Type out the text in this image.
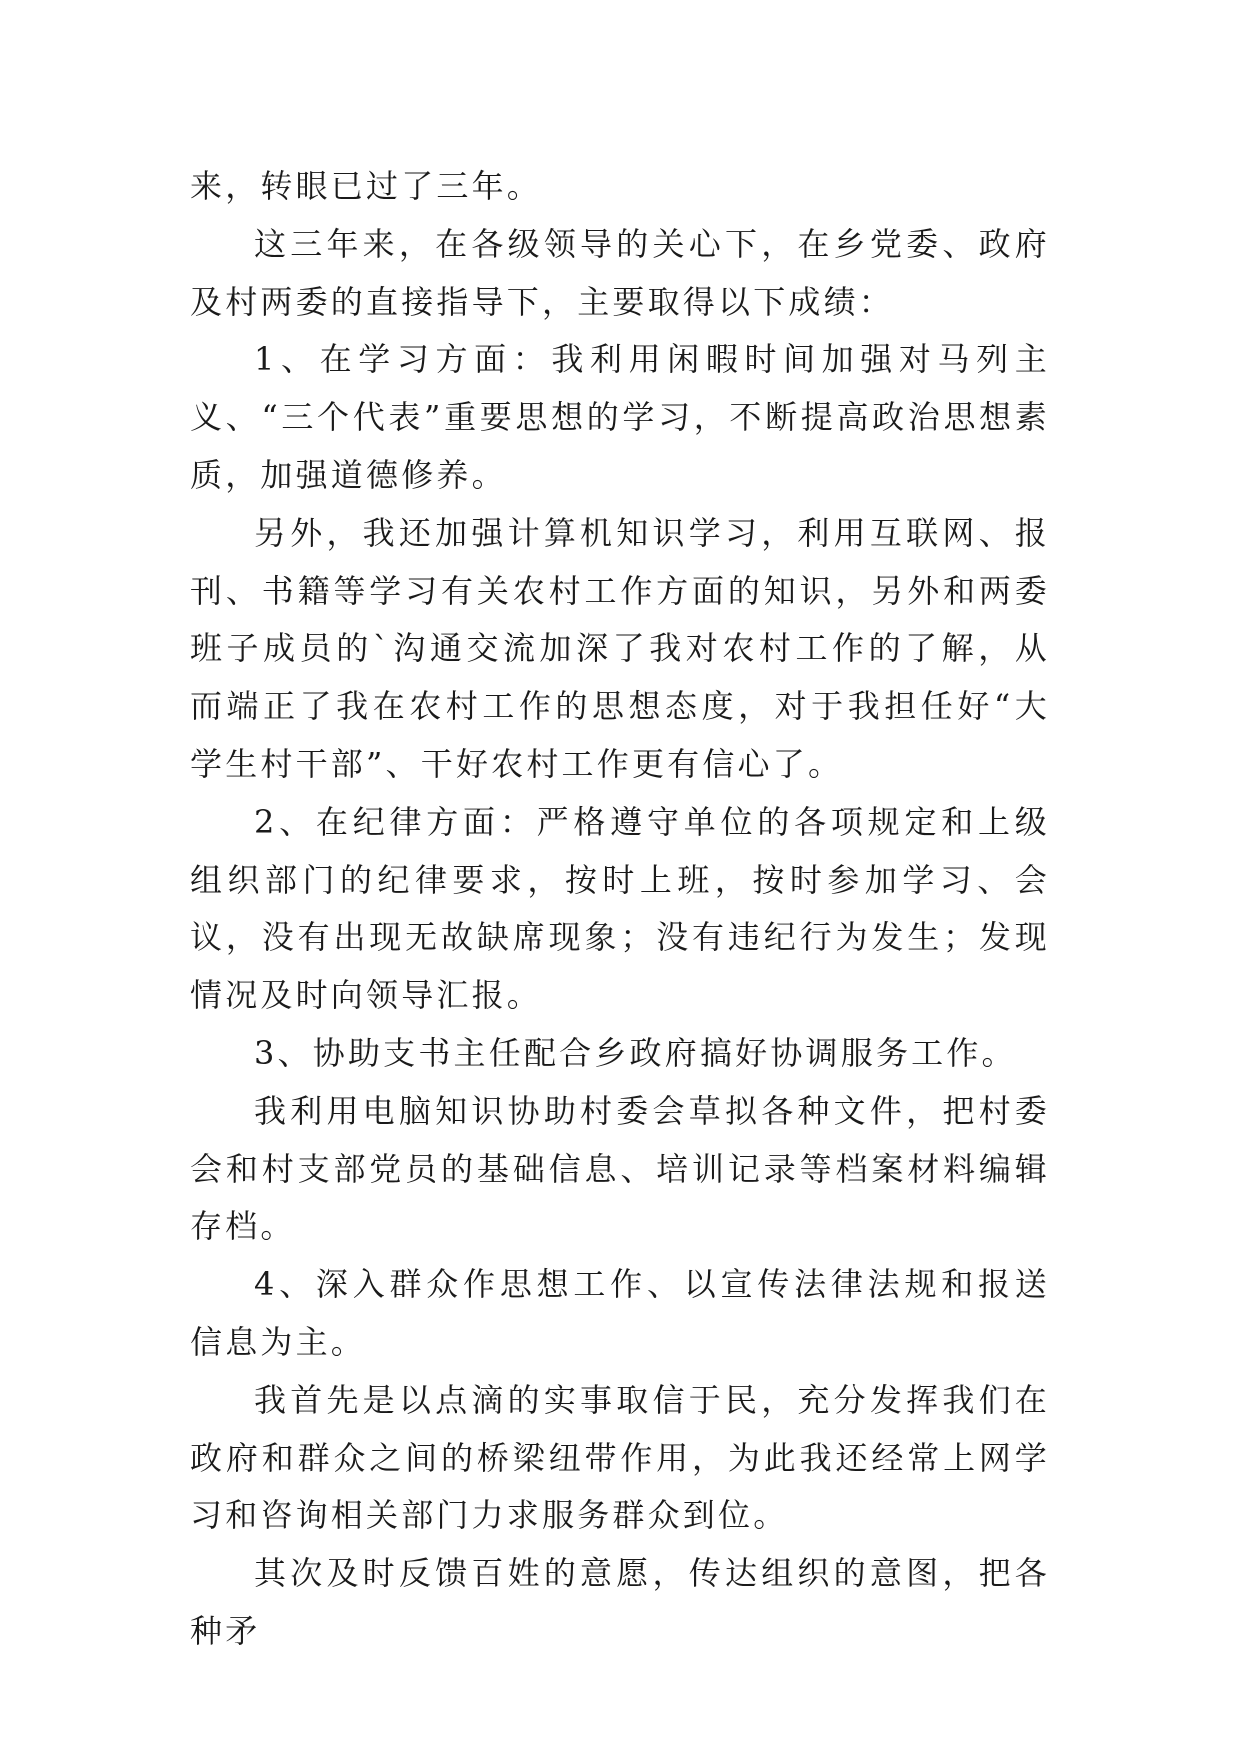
来，转眼已过了三年。

这三年来，在各级领导的关心下，在乡党委、政府及村两委的直接指导下，主要取得以下成绩：

1、在学习方面：我利用闲暇时间加强对马列主义、“三个代表”重要思想的学习，不断提高政治思想素质，加强道德修养。

另外，我还加强计算机知识学习，利用互联网、报刊、书籍等学习有关农村工作方面的知识，另外和两委班子成员的`沟通交流加深了我对农村工作的了解，从而端正了我在农村工作的思想态度，对于我担任好“大学生村干部”、干好农村工作更有信心了。

2、在纪律方面：严格遵守单位的各项规定和上级组织部门的纪律要求，按时上班，按时参加学习、会议，没有出现无故缺席现象；没有违纪行为发生；发现情况及时向领导汇报。

3、协助支书主任配合乡政府搞好协调服务工作。

我利用电脑知识协助村委会草拟各种文件，把村委会和村支部党员的基础信息、培训记录等档案材料编辑存档。

4、深入群众作思想工作、以宣传法律法规和报送信息为主。

我首先是以点滴的实事取信于民，充分发挥我们在政府和群众之间的桥梁纽带作用，为此我还经常上网学习和咨询相关部门力求服务群众到位。

其次及时反馈百姓的意愿，传达组织的意图，把各种矛
